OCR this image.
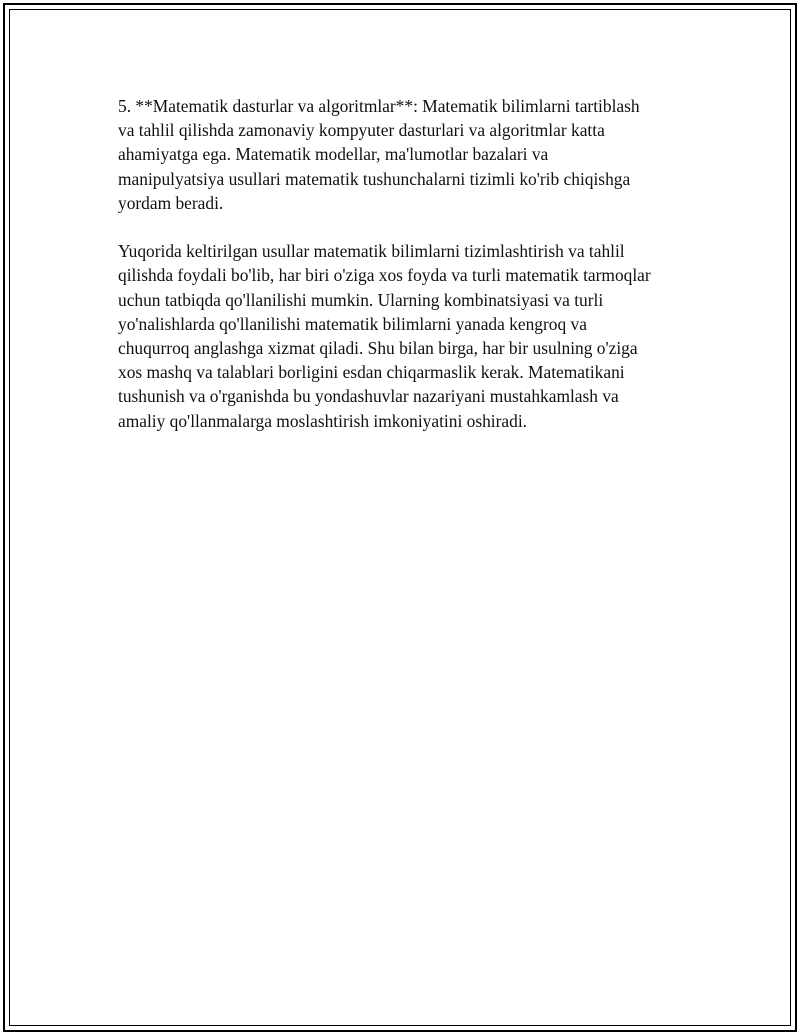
5. **Matematik dasturlar va algoritmlar**: Matematik bilimlarni tartiblash
va tahlil qilishda zamonaviy kompyuter dasturlari va algoritmlar katta
ahamiyatga ega. Matematik modellar, ma'lumotlar bazalari va
manipulyatsiya usullari matematik tushunchalarni tizimli ko'rib chiqishga
yordam beradi.

Yuqorida keltirilgan usullar matematik bilimlarni tizimlashtirish va tahlil
qilishda foydali bo'lib, har biri o'ziga xos foyda va turli matematik tarmoqlar
uchun tatbiqda qo'llanilishi mumkin. Ularning kombinatsiyasi va turli
yo'nalishlarda qo'llanilishi matematik bilimlarni yanada kengroq va
chuqurroq anglashga xizmat qiladi. Shu bilan birga, har bir usulning o'ziga
xos mashq va talablari borligini esdan chiqarmaslik kerak. Matematikani
tushunish va o'rganishda bu yondashuvlar nazariyani mustahkamlash va
amaliy qo'llanmalarga moslashtirish imkoniyatini oshiradi.
